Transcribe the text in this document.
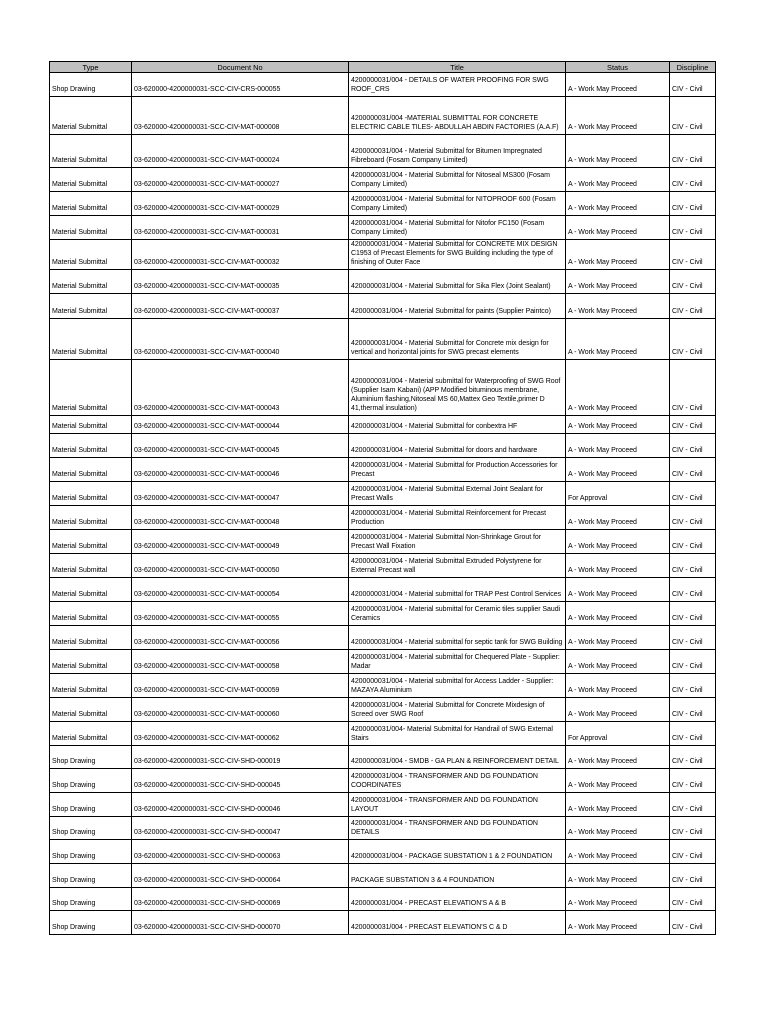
Type	Document No	Title	Status	Discipline
Shop Drawing	03-620000-4200000031-SCC-CIV-CRS-000055	4200000031/004 - DETAILS OF WATER PROOFING FOR SWG ROOF_CRS	A - Work May Proceed	CIV - Civil
Material Submittal	03-620000-4200000031-SCC-CIV-MAT-000008	4200000031/004 -MATERIAL SUBMITTAL FOR CONCRETE ELECTRIC CABLE TILES- ABDULLAH ABDIN FACTORIES (A.A.F)	A - Work May Proceed	CIV - Civil
Material Submittal	03-620000-4200000031-SCC-CIV-MAT-000024	4200000031/004 - Material Submittal for Bitumen Impregnated Fibreboard (Fosam Company Limited)	A - Work May Proceed	CIV - Civil
Material Submittal	03-620000-4200000031-SCC-CIV-MAT-000027	4200000031/004 - Material Submittal for Nitoseal MS300 (Fosam Company Limited)	A - Work May Proceed	CIV - Civil
Material Submittal	03-620000-4200000031-SCC-CIV-MAT-000029	4200000031/004 - Material Submittal for NITOPROOF 600 (Fosam Company Limited)	A - Work May Proceed	CIV - Civil
Material Submittal	03-620000-4200000031-SCC-CIV-MAT-000031	4200000031/004 - Material Submittal for Nitofor FC150 (Fosam Company Limited)	A - Work May Proceed	CIV - Civil
Material Submittal	03-620000-4200000031-SCC-CIV-MAT-000032	4200000031/004 - Material Submittal for CONCRETE MIX DESIGN C1953 of Precast Elements for SWG Building including the type of finishing of Outer Face	A - Work May Proceed	CIV - Civil
Material Submittal	03-620000-4200000031-SCC-CIV-MAT-000035	4200000031/004 - Material Submittal for Sika Flex (Joint Sealant)	A - Work May Proceed	CIV - Civil
Material Submittal	03-620000-4200000031-SCC-CIV-MAT-000037	4200000031/004 - Material Submittal for paints (Supplier Paintco)	A - Work May Proceed	CIV - Civil
Material Submittal	03-620000-4200000031-SCC-CIV-MAT-000040	4200000031/004 - Material Submittal for Concrete mix design for vertical and horizontal joints for SWG precast elements	A - Work May Proceed	CIV - Civil
Material Submittal	03-620000-4200000031-SCC-CIV-MAT-000043	4200000031/004 - Material submittal for Waterproofing of SWG Roof (Supplier Isam Kabani) (APP Modified bituminous membrane, Aluminium flashing,Nitoseal MS 60,Mattex Geo Textile,primer D 41,thermal insulation)	A - Work May Proceed	CIV - Civil
Material Submittal	03-620000-4200000031-SCC-CIV-MAT-000044	4200000031/004 - Material Submittal for conbextra HF	A - Work May Proceed	CIV - Civil
Material Submittal	03-620000-4200000031-SCC-CIV-MAT-000045	4200000031/004 - Material Submittal for doors and hardware	A - Work May Proceed	CIV - Civil
Material Submittal	03-620000-4200000031-SCC-CIV-MAT-000046	4200000031/004 - Material Submittal for Production Accessories for Precast	A - Work May Proceed	CIV - Civil
Material Submittal	03-620000-4200000031-SCC-CIV-MAT-000047	4200000031/004 - Material Submittal External Joint Sealant for Precast Walls	For Approval	CIV - Civil
Material Submittal	03-620000-4200000031-SCC-CIV-MAT-000048	4200000031/004 - Material Submittal Reinforcement for Precast Production	A - Work May Proceed	CIV - Civil
Material Submittal	03-620000-4200000031-SCC-CIV-MAT-000049	4200000031/004 - Material Submittal Non-Shrinkage Grout for Precast Wall Fixation	A - Work May Proceed	CIV - Civil
Material Submittal	03-620000-4200000031-SCC-CIV-MAT-000050	4200000031/004 - Material Submittal Extruded Polystyrene for External Precast wall	A - Work May Proceed	CIV - Civil
Material Submittal	03-620000-4200000031-SCC-CIV-MAT-000054	4200000031/004 - Material submittal for TRAP Pest Control Services	A - Work May Proceed	CIV - Civil
Material Submittal	03-620000-4200000031-SCC-CIV-MAT-000055	4200000031/004 - Material submittal for Ceramic tiles supplier Saudi Ceramics	A - Work May Proceed	CIV - Civil
Material Submittal	03-620000-4200000031-SCC-CIV-MAT-000056	4200000031/004 - Material submittal for septic tank for SWG Building	A - Work May Proceed	CIV - Civil
Material Submittal	03-620000-4200000031-SCC-CIV-MAT-000058	4200000031/004 - Material submittal for Chequered Plate - Supplier: Madar	A - Work May Proceed	CIV - Civil
Material Submittal	03-620000-4200000031-SCC-CIV-MAT-000059	4200000031/004 - Material submittal for Access Ladder - Supplier: MAZAYA Aluminium	A - Work May Proceed	CIV - Civil
Material Submittal	03-620000-4200000031-SCC-CIV-MAT-000060	4200000031/004 - Material Submittal for Concrete Mixdesign of Screed over SWG Roof	A - Work May Proceed	CIV - Civil
Material Submittal	03-620000-4200000031-SCC-CIV-MAT-000062	4200000031/004- Material Submittal for Handrail of SWG External Stairs	For Approval	CIV - Civil
Shop Drawing	03-620000-4200000031-SCC-CIV-SHD-000019	4200000031/004 - SMDB - GA PLAN & REINFORCEMENT DETAIL	A - Work May Proceed	CIV - Civil
Shop Drawing	03-620000-4200000031-SCC-CIV-SHD-000045	4200000031/004 - TRANSFORMER AND DG FOUNDATION COORDINATES	A - Work May Proceed	CIV - Civil
Shop Drawing	03-620000-4200000031-SCC-CIV-SHD-000046	4200000031/004 - TRANSFORMER AND DG FOUNDATION LAYOUT	A - Work May Proceed	CIV - Civil
Shop Drawing	03-620000-4200000031-SCC-CIV-SHD-000047	4200000031/004 - TRANSFORMER AND DG FOUNDATION DETAILS	A - Work May Proceed	CIV - Civil
Shop Drawing	03-620000-4200000031-SCC-CIV-SHD-000063	4200000031/004 - PACKAGE SUBSTATION 1 & 2 FOUNDATION	A - Work May Proceed	CIV - Civil
Shop Drawing	03-620000-4200000031-SCC-CIV-SHD-000064	PACKAGE SUBSTATION 3 & 4 FOUNDATION	A - Work May Proceed	CIV - Civil
Shop Drawing	03-620000-4200000031-SCC-CIV-SHD-000069	4200000031/004 - PRECAST ELEVATION'S A & B	A - Work May Proceed	CIV - Civil
Shop Drawing	03-620000-4200000031-SCC-CIV-SHD-000070	4200000031/004 - PRECAST ELEVATION'S C & D	A - Work May Proceed	CIV - Civil
